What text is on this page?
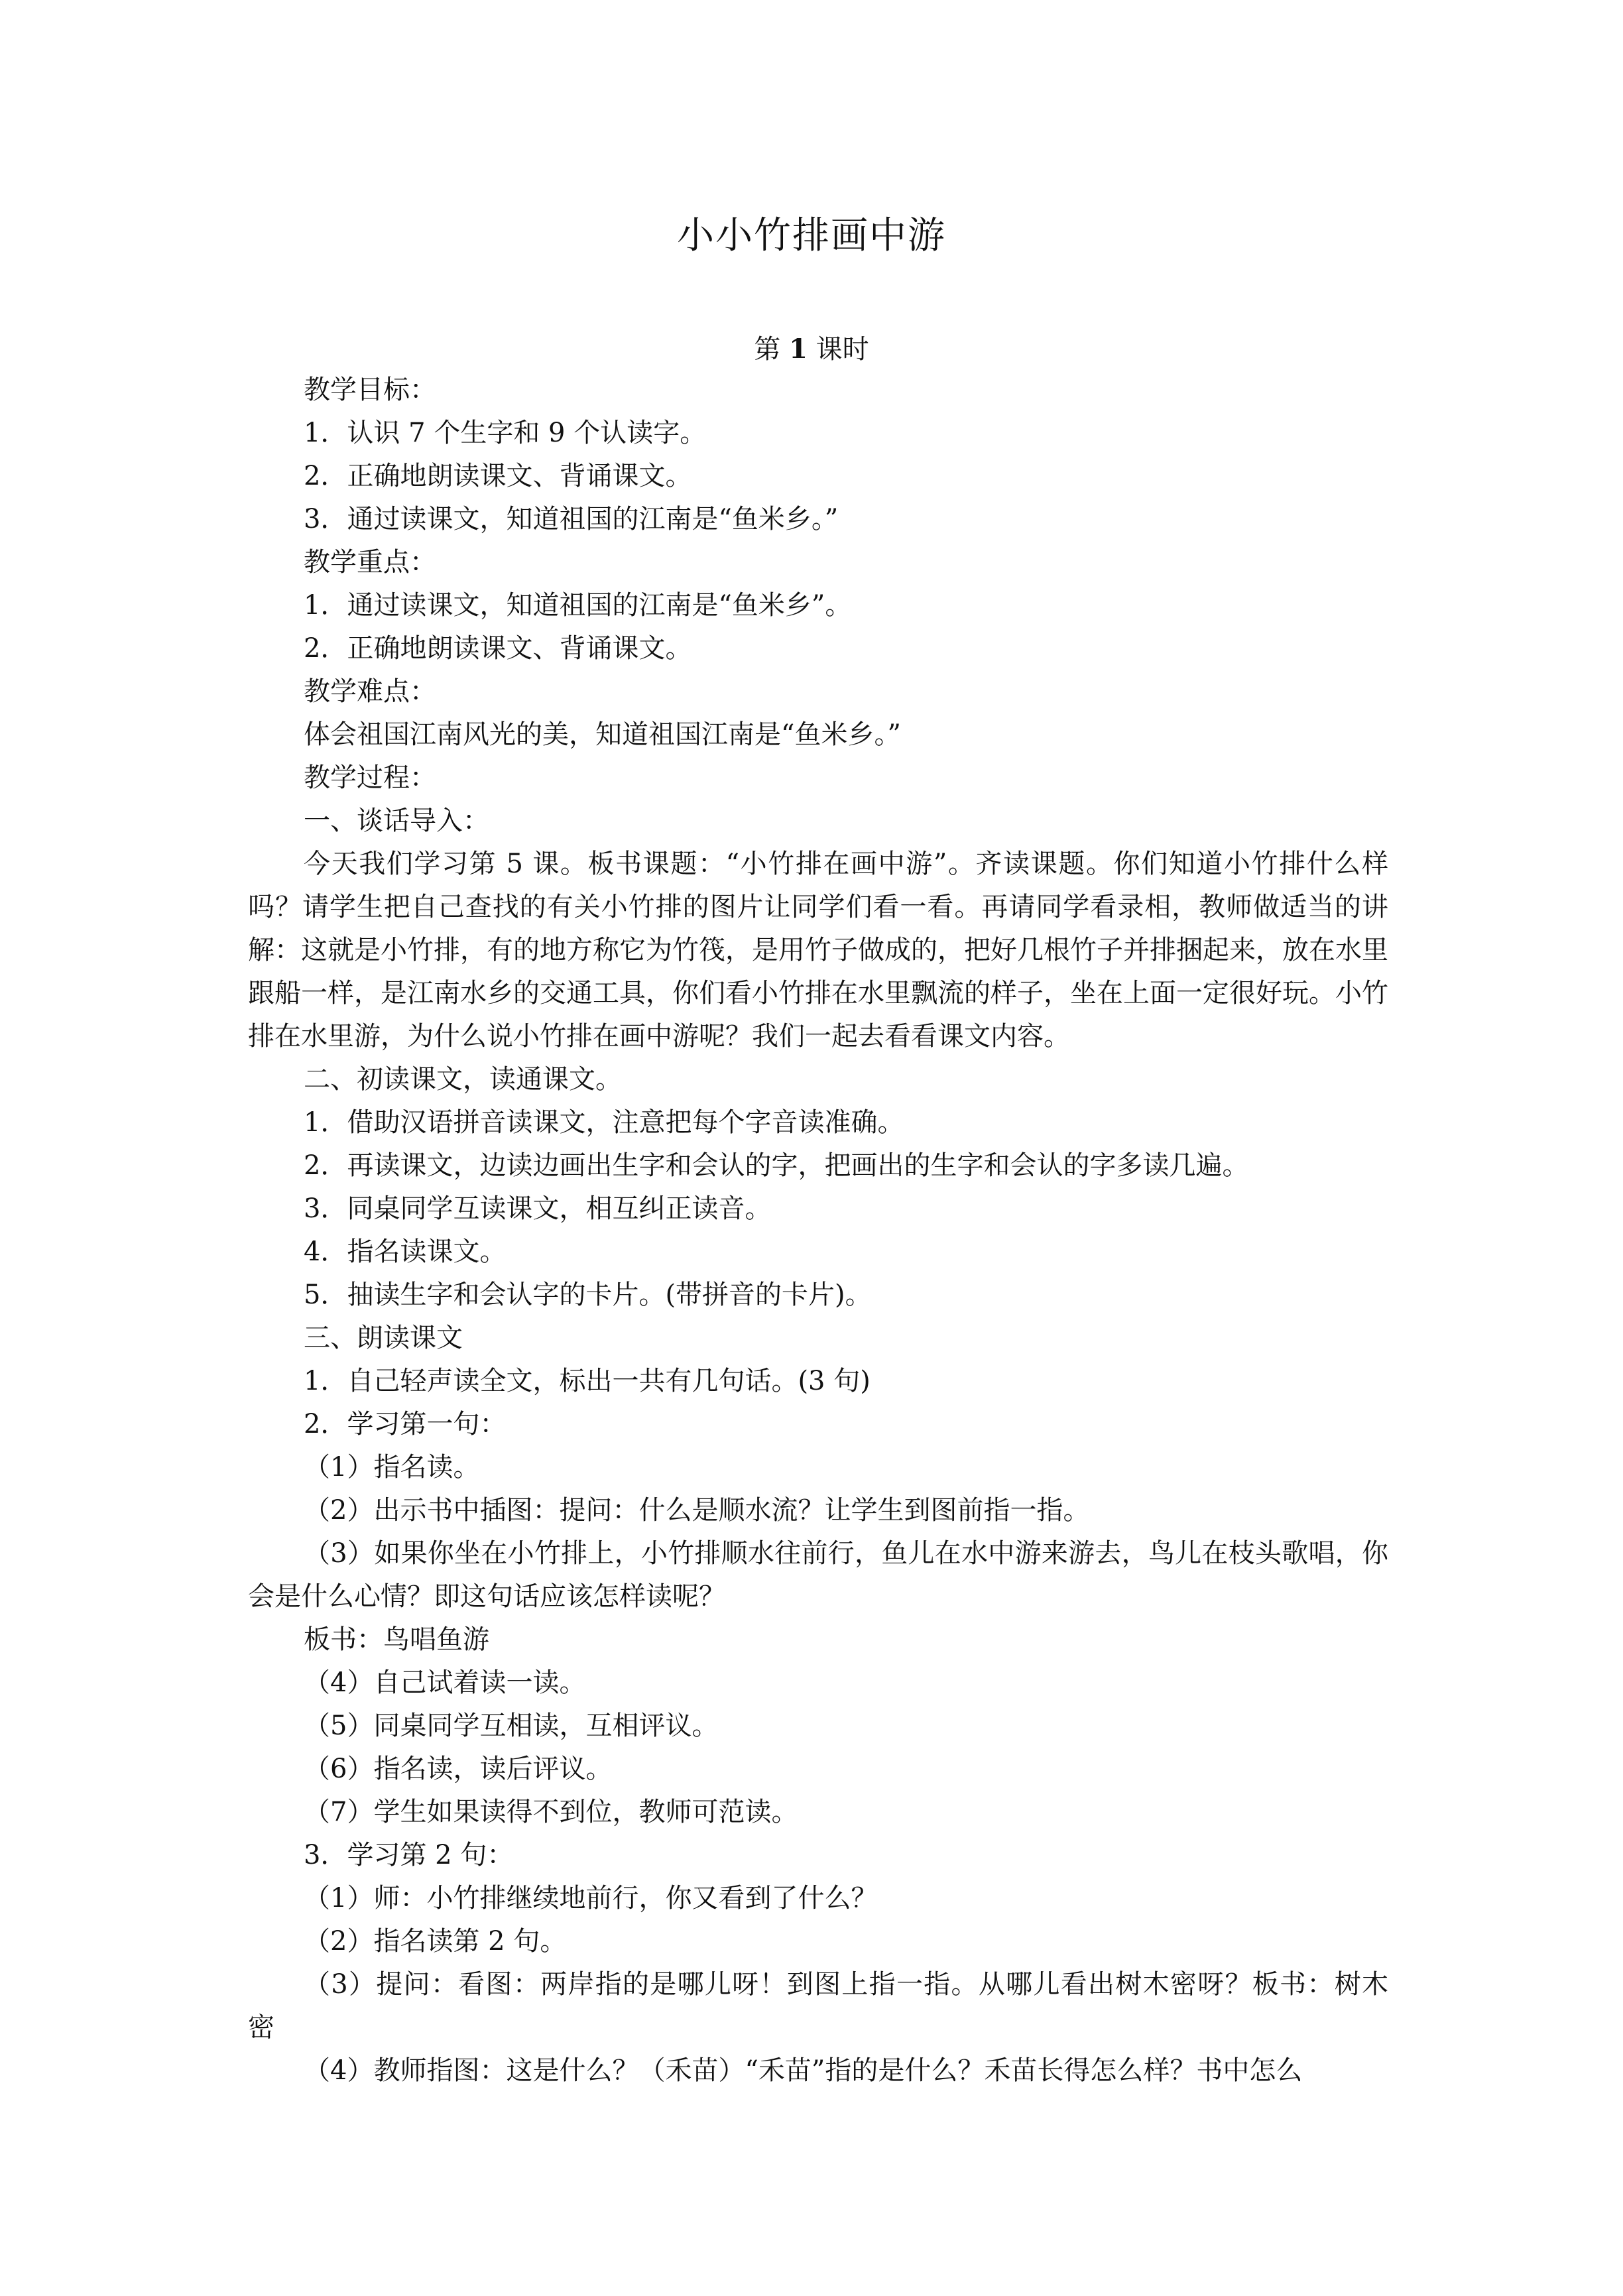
小小竹排画中游
第 1 课时

教学目标：

1．认识 7 个生字和 9 个认读字。

2．正确地朗读课文、背诵课文。

3．通过读课文，知道祖国的江南是“鱼米乡。”

教学重点：

1．通过读课文，知道祖国的江南是“鱼米乡”。

2．正确地朗读课文、背诵课文。

教学难点：

体会祖国江南风光的美，知道祖国江南是“鱼米乡。”

教学过程：

一、谈话导入：

今天我们学习第 5 课。板书课题：“小竹排在画中游”。齐读课题。你们知道小竹排什么样吗？请学生把自己查找的有关小竹排的图片让同学们看一看。再请同学看录相，教师做适当的讲解：这就是小竹排，有的地方称它为竹筏，是用竹子做成的，把好几根竹子并排捆起来，放在水里跟船一样，是江南水乡的交通工具，你们看小竹排在水里飘流的样子，坐在上面一定很好玩。小竹排在水里游，为什么说小竹排在画中游呢？我们一起去看看课文内容。

二、初读课文，读通课文。

1．借助汉语拼音读课文，注意把每个字音读准确。

2．再读课文，边读边画出生字和会认的字，把画出的生字和会认的字多读几遍。

3．同桌同学互读课文，相互纠正读音。

4．指名读课文。

5．抽读生字和会认字的卡片。(带拼音的卡片)。

三、朗读课文

1．自己轻声读全文，标出一共有几句话。(3 句)

2．学习第一句：

（1）指名读。

（2）出示书中插图：提问：什么是顺水流？让学生到图前指一指。

（3）如果你坐在小竹排上，小竹排顺水往前行，鱼儿在水中游来游去，鸟儿在枝头歌唱，你会是什么心情？即这句话应该怎样读呢？

板书：鸟唱鱼游

（4）自己试着读一读。

（5）同桌同学互相读，互相评议。

（6）指名读，读后评议。

（7）学生如果读得不到位，教师可范读。

3．学习第 2 句：

（1）师：小竹排继续地前行，你又看到了什么？

（2）指名读第 2 句。

（3）提问：看图：两岸指的是哪儿呀！到图上指一指。从哪儿看出树木密呀？板书：树木 密

（4）教师指图：这是什么？（禾苗）“禾苗”指的是什么？禾苗长得怎么样？书中怎么
